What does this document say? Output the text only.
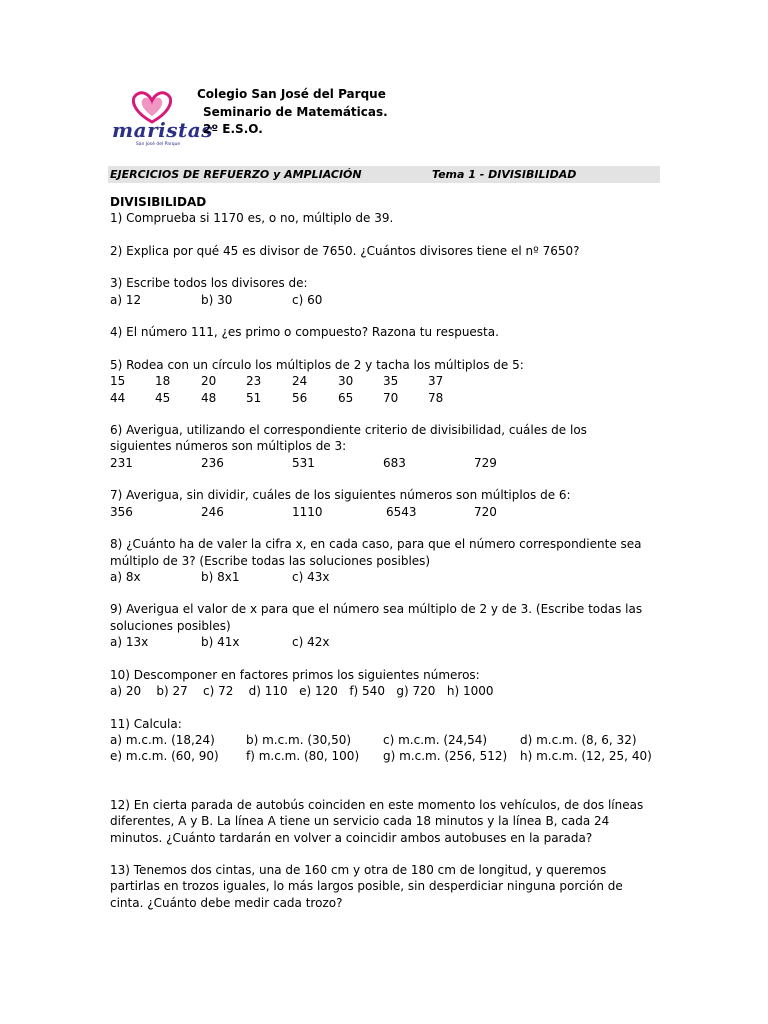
maristas
San José del Parque
Colegio San José del Parque
Seminario de Matemáticas.
2º E.S.O.
EJERCICIOS DE REFUERZO y AMPLIACIÓN	Tema 1 - DIVISIBILIDAD
DIVISIBILIDAD
1) Comprueba si 1170 es, o no, múltiplo de 39.
2) Explica por qué 45 es divisor de 7650. ¿Cuántos divisores tiene el nº 7650?
3) Escribe todos los divisores de:
a) 12	b) 30	c) 60
4) El número 111, ¿es primo o compuesto? Razona tu respuesta.
5) Rodea con un círculo los múltiplos de 2 y tacha los múltiplos de 5:
15 18	20 23	24	30 35 37
44 45	48 51	56	65 70 78
6) Averigua, utilizando el correspondiente criterio de divisibilidad, cuáles de los
siguientes números son múltiplos de 3:
231	236	531	683	729
7) Averigua, sin dividir, cuáles de los siguientes números son múltiplos de 6:
356	246	1110	6543	720
8) ¿Cuánto ha de valer la cifra x, en cada caso, para que el número correspondiente sea
múltiplo de 3? (Escribe todas las soluciones posibles)
a) 8x	b) 8x1	c) 43x
9) Averigua el valor de x para que el número sea múltiplo de 2 y de 3. (Escribe todas las
soluciones posibles)
a) 13x	b) 41x	c) 42x
10) Descomponer en factores primos los siguientes números:
a) 20    b) 27    c) 72    d) 110   e) 120   f) 540   g) 720   h) 1000
11) Calcula:
a) m.c.m. (18,24)	b) m.c.m. (30,50)	c) m.c.m. (24,54)	d) m.c.m. (8, 6, 32)
e) m.c.m. (60, 90) f) m.c.m. (80, 100) g) m.c.m. (256, 512) h) m.c.m. (12, 25, 40)
12) En cierta parada de autobús coinciden en este momento los vehículos, de dos líneas
diferentes, A y B. La línea A tiene un servicio cada 18 minutos y la línea B, cada 24
minutos. ¿Cuánto tardarán en volver a coincidir ambos autobuses en la parada?
13) Tenemos dos cintas, una de 160 cm y otra de 180 cm de longitud, y queremos
partirlas en trozos iguales, lo más largos posible, sin desperdiciar ninguna porción de
cinta. ¿Cuánto debe medir cada trozo?
